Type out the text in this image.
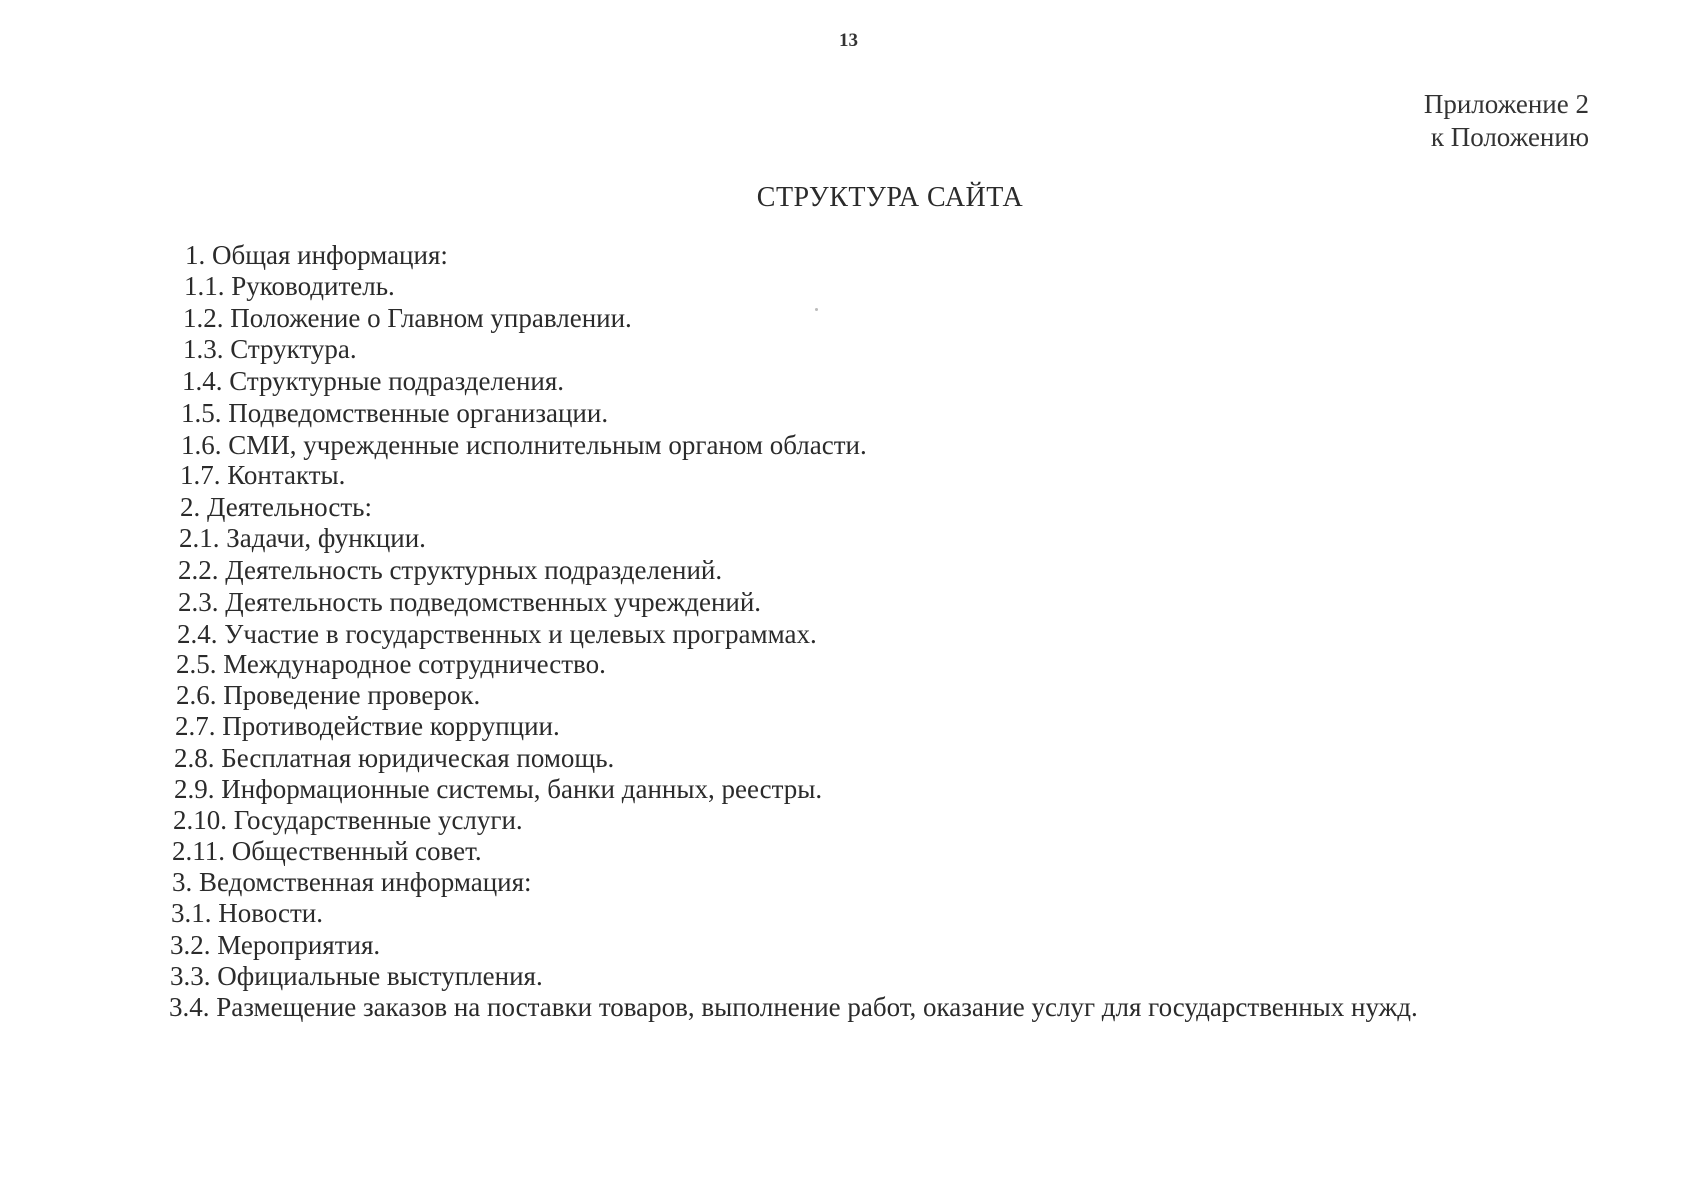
13
Приложение 2
к Положению
СТРУКТУРА САЙТА
1. Общая информация:
1.1. Руководитель.
1.2. Положение о Главном управлении.
1.3. Структура.
1.4. Структурные подразделения.
1.5. Подведомственные организации.
1.6. СМИ, учрежденные исполнительным органом области.
1.7. Контакты.
2. Деятельность:
2.1. Задачи, функции.
2.2. Деятельность структурных подразделений.
2.3. Деятельность подведомственных учреждений.
2.4. Участие в государственных и целевых программах.
2.5. Международное сотрудничество.
2.6. Проведение проверок.
2.7. Противодействие коррупции.
2.8. Бесплатная юридическая помощь.
2.9. Информационные системы, банки данных, реестры.
2.10. Государственные услуги.
2.11. Общественный совет.
3. Ведомственная информация:
3.1. Новости.
3.2. Мероприятия.
3.3. Официальные выступления.
3.4. Размещение заказов на поставки товаров, выполнение работ, оказание услуг для государственных нужд.
